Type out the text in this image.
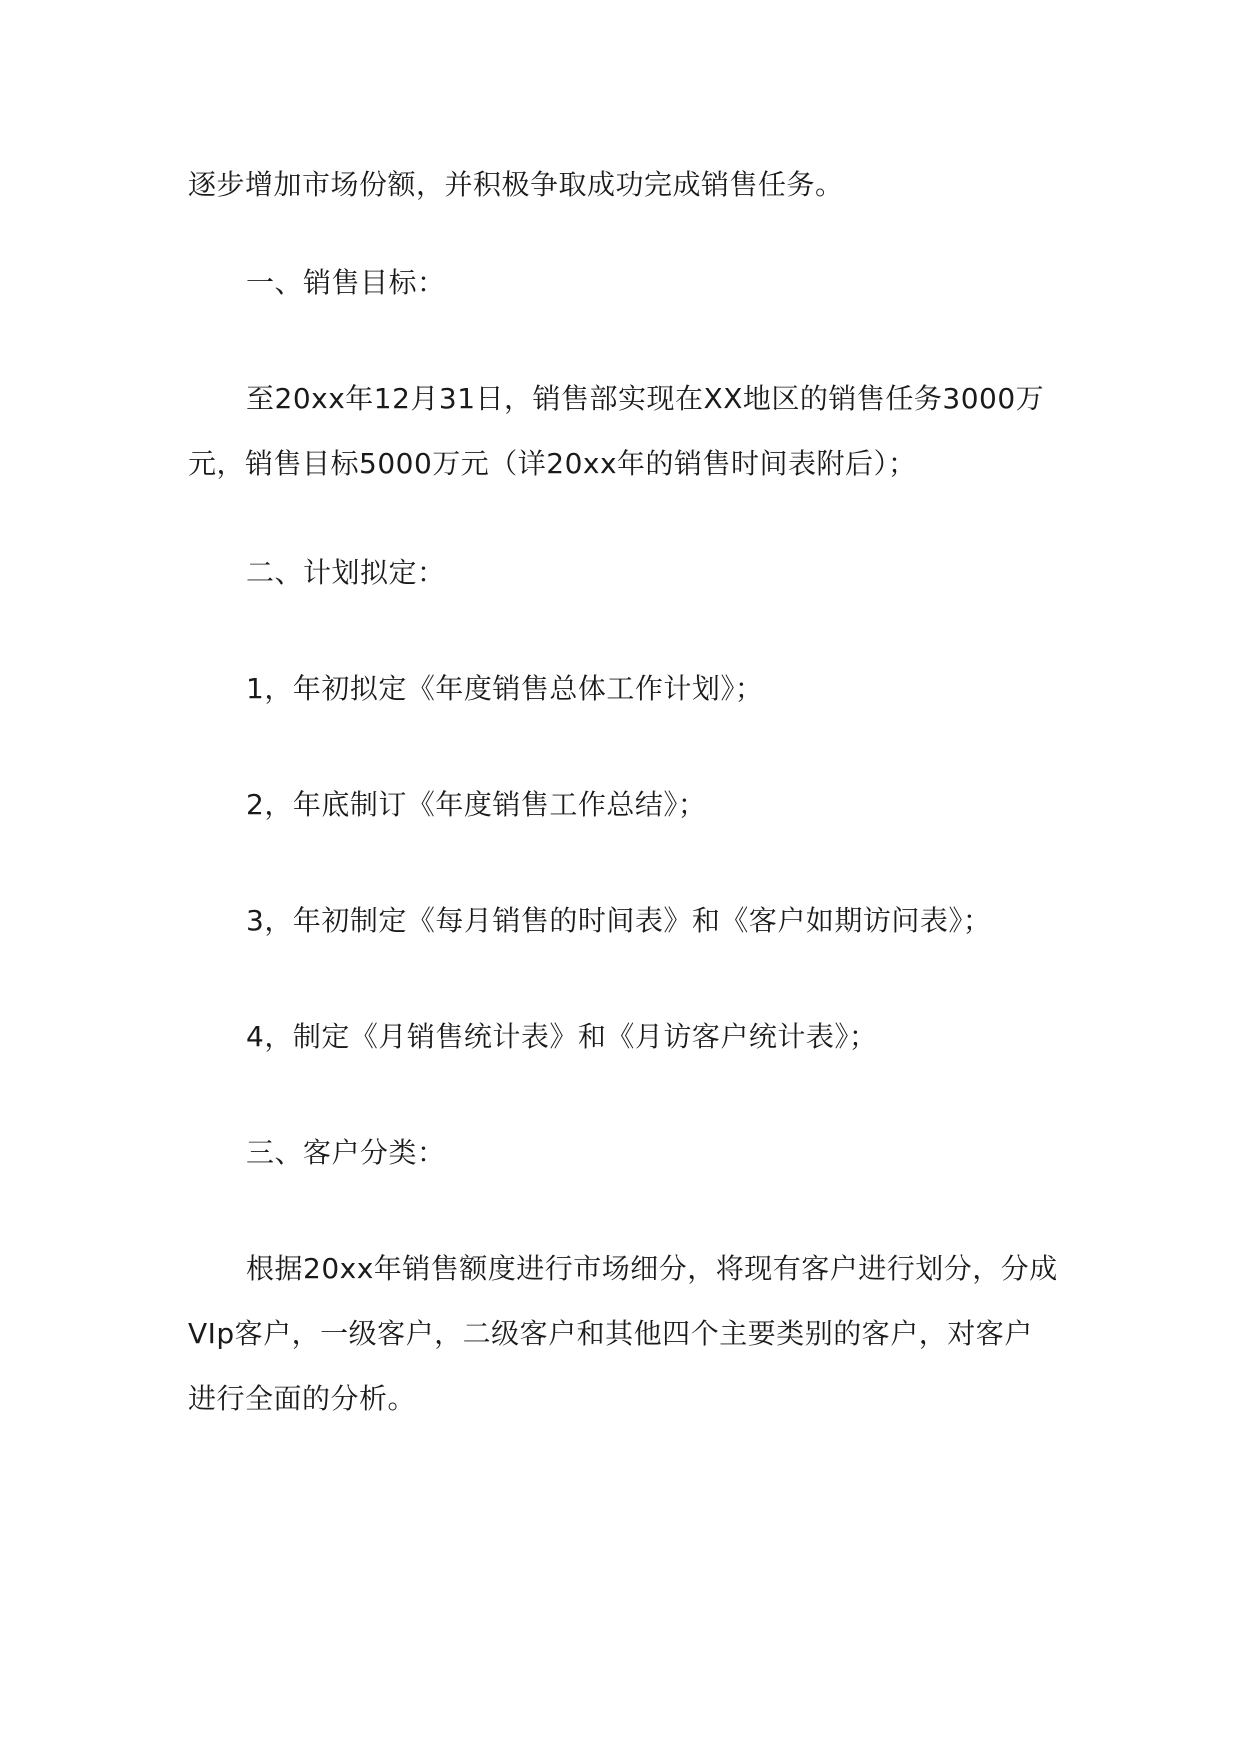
逐步增加市场份额，并积极争取成功完成销售任务。

一、销售目标：

至20xx年12月31日，销售部实现在XX地区的销售任务3000万元，销售目标5000万元（详20xx年的销售时间表附后）；

二、计划拟定：

1，年初拟定《年度销售总体工作计划》；

2，年底制订《年度销售工作总结》；

3，年初制定《每月销售的时间表》和《客户如期访问表》；

4，制定《月销售统计表》和《月访客户统计表》；

三、客户分类：

根据20xx年销售额度进行市场细分，将现有客户进行划分，分成VIp客户，一级客户，二级客户和其他四个主要类别的客户，对客户进行全面的分析。
